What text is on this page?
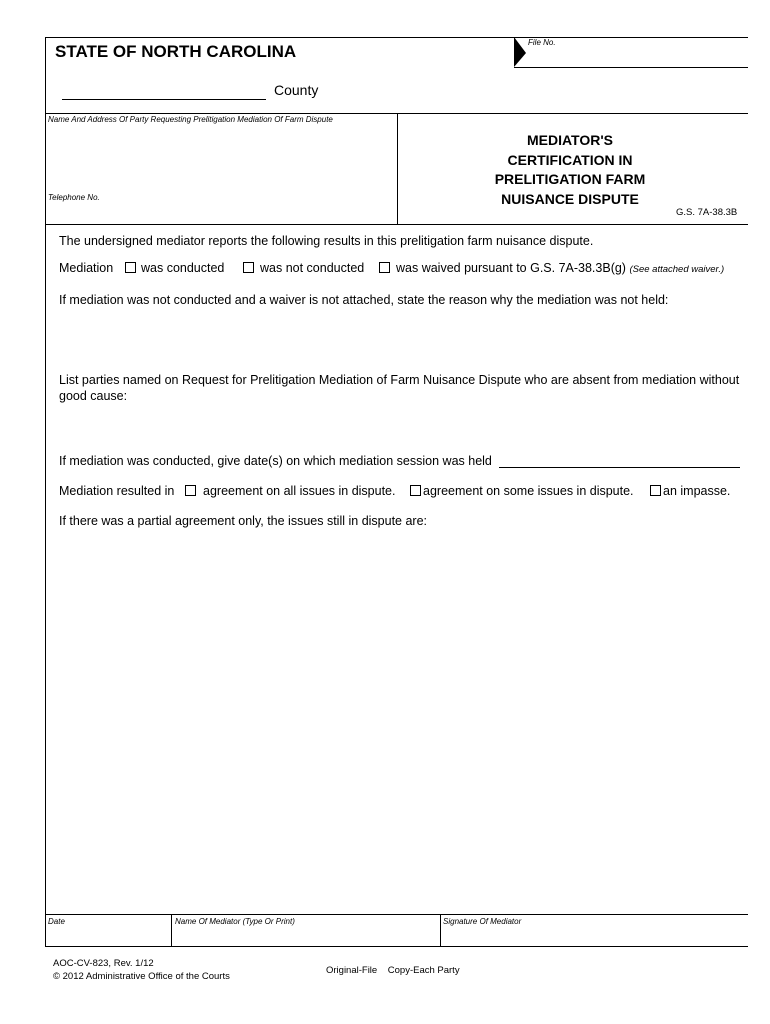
STATE OF NORTH CAROLINA	File No.
County
Name And Address Of Party Requesting Prelitigation Mediation Of Farm Dispute
Telephone No.
MEDIATOR'S
CERTIFICATION IN
PRELITIGATION FARM
NUISANCE DISPUTE
G.S. 7A-38.3B
The undersigned mediator reports the following results in this prelitigation farm nuisance dispute.
Mediation was conducted	was not conducted	was waived pursuant to G.S. 7A-38.3B(g) (See attached waiver.)
If mediation was not conducted and a waiver is not attached, state the reason why the mediation was not held:
List parties named on Request for Prelitigation Mediation of Farm Nuisance Dispute who are absent from mediation without
good cause:
If mediation was conducted, give date(s) on which mediation session was held
Mediation resulted in agreement on all issues in dispute. agreement on some issues in dispute. an impasse.
If there was a partial agreement only, the issues still in dispute are:
Date	Name Of Mediator (Type Or Print)	Signature Of Mediator
AOC-CV-823, Rev. 1/12
© 2012 Administrative Office of the Courts
Original-File    Copy-Each Party
